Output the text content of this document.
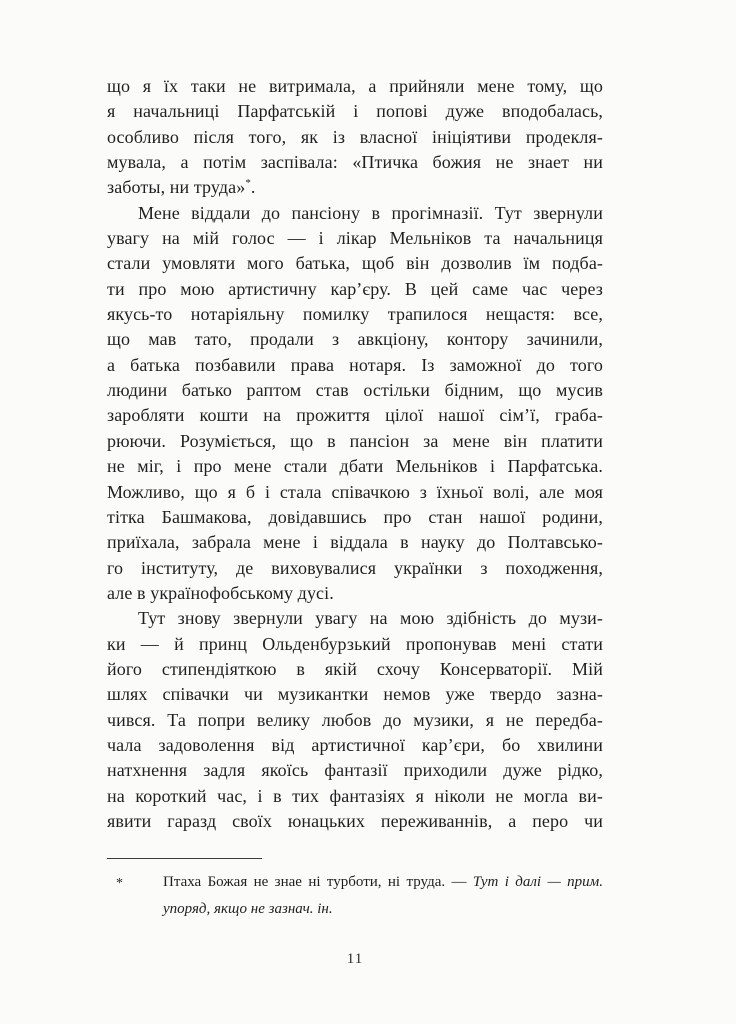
що я їх таки не витримала, а прийняли мене тому, що
я начальниці Парфатській і попові дуже вподобалась,
особливо після того, як із власної ініціятиви продекля-
мувала, а потім заспівала: «Птичка божия не знает ни
заботы, ни труда»*.
Мене віддали до пансіону в прогімназії. Тут звернули
увагу на мій голос — і лікар Мельніков та начальниця
стали умовляти мого батька, щоб він дозволив їм подба-
ти про мою артистичну кар’єру. В цей саме час через
якусь-то нотаріяльну помилку трапилося нещастя: все,
що мав тато, продали з авкціону, контору зачинили,
а батька позбавили права нотаря. Із заможної до того
людини батько раптом став остільки бідним, що мусив
заробляти кошти на прожиття цілої нашої сім’ї, граба-
рюючи. Розуміється, що в пансіон за мене він платити
не міг, і про мене стали дбати Мельніков і Парфатська.
Можливо, що я б і стала співачкою з їхньої волі, але моя
тітка Башмакова, довідавшись про стан нашої родини,
приїхала, забрала мене і віддала в науку до Полтавсько-
го інституту, де виховувалися українки з походження,
але в українофобському дусі.
Тут знову звернули увагу на мою здібність до музи-
ки — й принц Ольденбурзький пропонував мені стати
його стипендіяткою в якій схочу Консерваторії. Мій
шлях співачки чи музикантки немов уже твердо зазна-
чився. Та попри велику любов до музики, я не передба-
чала задоволення від артистичної кар’єри, бо хвилини
натхнення задля якоїсь фантазії приходили дуже рідко,
на короткий час, і в тих фантазіях я ніколи не могла ви-
явити гаразд своїх юнацьких переживаннів, а перо чи
*	Птаха Божая не знае ні турботи, ні труда. — Тут і далі — прим.
упоряд, якщо не зазнач. ін.
11
